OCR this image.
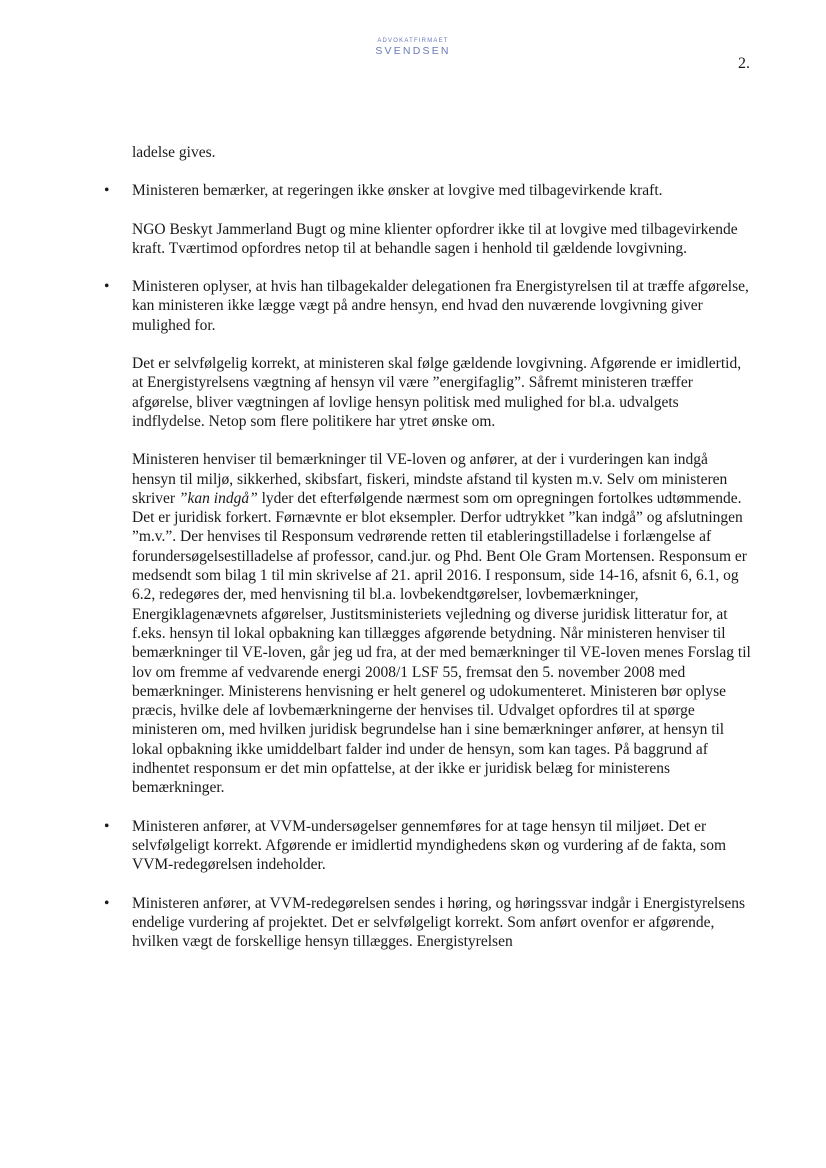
ADVOKATFIRMAET
SVENDSEN
2.

ladelse gives.

• Ministeren bemærker, at regeringen ikke ønsker at lovgive med tilbagevirkende kraft.

NGO Beskyt Jammerland Bugt og mine klienter opfordrer ikke til at lovgive med tilbagevirkende kraft. Tværtimod opfordres netop til at behandle sagen i henhold til gældende lovgivning.

• Ministeren oplyser, at hvis han tilbagekalder delegationen fra Energistyrelsen til at træffe afgørelse, kan ministeren ikke lægge vægt på andre hensyn, end hvad den nuværende lovgivning giver mulighed for.

Det er selvfølgelig korrekt, at ministeren skal følge gældende lovgivning. Afgørende er imidlertid, at Energistyrelsens vægtning af hensyn vil være ”energifaglig”. Såfremt ministeren træffer afgørelse, bliver vægtningen af lovlige hensyn politisk med mulighed for bl.a. udvalgets indflydelse. Netop som flere politikere har ytret ønske om.

Ministeren henviser til bemærkninger til VE-loven og anfører, at der i vurderingen kan indgå hensyn til miljø, sikkerhed, skibsfart, fiskeri, mindste afstand til kysten m.v. Selv om ministeren skriver ”kan indgå” lyder det efterfølgende nærmest som om opregningen fortolkes udtømmende. Det er juridisk forkert. Førnævnte er blot eksempler. Derfor udtrykket ”kan indgå” og afslutningen ”m.v.”. Der henvises til Responsum vedrørende retten til etableringstilladelse i forlængelse af forundersøgelsestilladelse af professor, cand.jur. og Phd. Bent Ole Gram Mortensen. Responsum er medsendt som bilag 1 til min skrivelse af 21. april 2016. I responsum, side 14-16, afsnit 6, 6.1, og 6.2, redegøres der, med henvisning til bl.a. lovbekendtgørelser, lovbemærkninger, Energiklagenævnets afgørelser, Justitsministeriets vejledning og diverse juridisk litteratur for, at f.eks. hensyn til lokal opbakning kan tillægges afgørende betydning. Når ministeren henviser til bemærkninger til VE-loven, går jeg ud fra, at der med bemærkninger til VE-loven menes Forslag til lov om fremme af vedvarende energi 2008/1 LSF 55, fremsat den 5. november 2008 med bemærkninger. Ministerens henvisning er helt generel og udokumenteret. Ministeren bør oplyse præcis, hvilke dele af lovbemærkningerne der henvises til. Udvalget opfordres til at spørge ministeren om, med hvilken juridisk begrundelse han i sine bemærkninger anfører, at hensyn til lokal opbakning ikke umiddelbart falder ind under de hensyn, som kan tages. På baggrund af indhentet responsum er det min opfattelse, at der ikke er juridisk belæg for ministerens bemærkninger.

• Ministeren anfører, at VVM-undersøgelser gennemføres for at tage hensyn til miljøet. Det er selvfølgeligt korrekt. Afgørende er imidlertid myndighedens skøn og vurdering af de fakta, som VVM-redegørelsen indeholder.

• Ministeren anfører, at VVM-redegørelsen sendes i høring, og høringssvar indgår i Energistyrelsens endelige vurdering af projektet. Det er selvfølgeligt korrekt. Som anført ovenfor er afgørende, hvilken vægt de forskellige hensyn tillægges. Energistyrelsen
